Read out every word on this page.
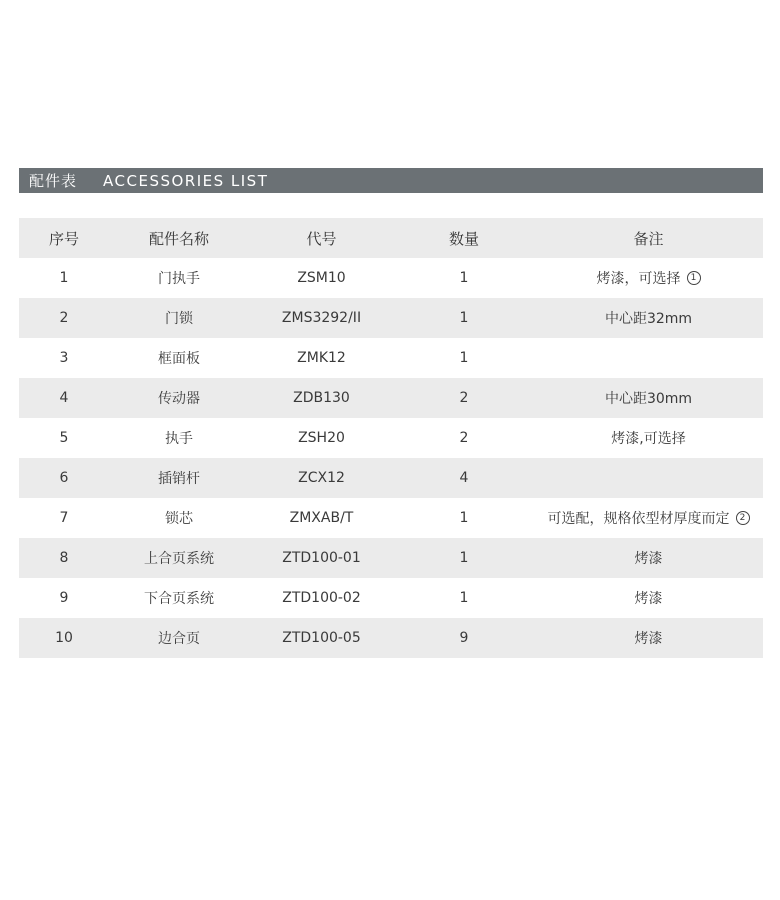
配件表 ACCESSORIES LIST
序号	配件名称	代号	数量	备注
1	门执手	ZSM10	1	烤漆，可选择 1
2	门锁	ZMS3292/II	1	中心距32mm
3	框面板	ZMK12	1
4	传动器	ZDB130	2	中心距30mm
5	执手	ZSH20	2	烤漆,可选择
6	插销杆	ZCX12	4
7	锁芯	ZMXAB/T	1	可选配，规格依型材厚度而定 2
8	上合页系统	ZTD100-01	1	烤漆
9	下合页系统	ZTD100-02	1	烤漆
10	边合页	ZTD100-05	9	烤漆
